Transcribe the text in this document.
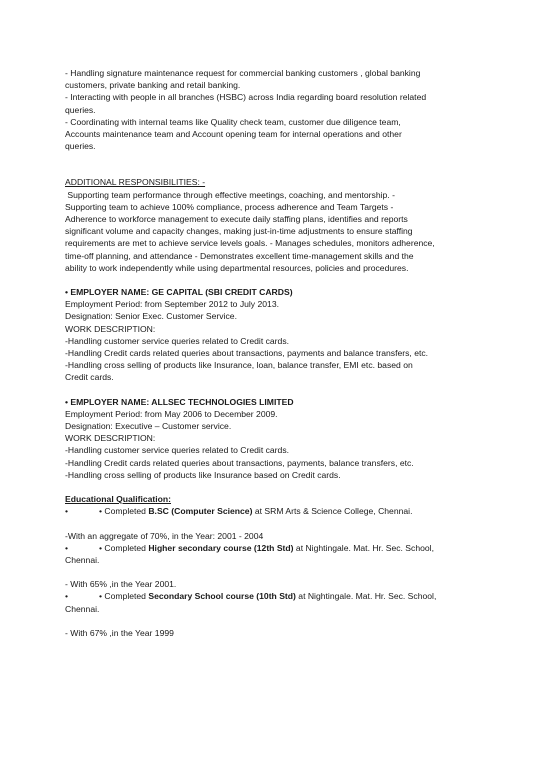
- Handling signature maintenance request for commercial banking customers , global banking
customers, private banking and retail banking.
- Interacting with people in all branches (HSBC) across India regarding board resolution related
queries.
- Coordinating with internal teams like Quality check team, customer due diligence team,
Accounts maintenance team and Account opening team for internal operations and other
queries.
ADDITIONAL RESPONSIBILITIES: -
Supporting team performance through effective meetings, coaching, and mentorship. -
Supporting team to achieve 100% compliance, process adherence and Team Targets -
Adherence to workforce management to execute daily staffing plans, identifies and reports
significant volume and capacity changes, making just-in-time adjustments to ensure staffing
requirements are met to achieve service levels goals. - Manages schedules, monitors adherence,
time-off planning, and attendance - Demonstrates excellent time-management skills and the
ability to work independently while using departmental resources, policies and procedures.
• EMPLOYER NAME: GE CAPITAL (SBI CREDIT CARDS)
Employment Period: from September 2012 to July 2013.
Designation: Senior Exec. Customer Service.
WORK DESCRIPTION:
-Handling customer service queries related to Credit cards.
-Handling Credit cards related queries about transactions, payments and balance transfers, etc.
-Handling cross selling of products like Insurance, loan, balance transfer, EMI etc. based on
Credit cards.
• EMPLOYER NAME: ALLSEC TECHNOLOGIES LIMITED
Employment Period: from May 2006 to December 2009.
Designation: Executive – Customer service.
WORK DESCRIPTION:
-Handling customer service queries related to Credit cards.
-Handling Credit cards related queries about transactions, payments, balance transfers, etc.
-Handling cross selling of products like Insurance based on Credit cards.
Educational Qualification:
•	• Completed B.SC (Computer Science) at SRM Arts & Science College, Chennai.
-With an aggregate of 70%, in the Year: 2001 - 2004
•	• Completed Higher secondary course (12th Std) at Nightingale. Mat. Hr. Sec. School,
Chennai.
- With 65% ,in the Year 2001.
•	• Completed Secondary School course (10th Std) at Nightingale. Mat. Hr. Sec. School,
Chennai.
- With 67% ,in the Year 1999
